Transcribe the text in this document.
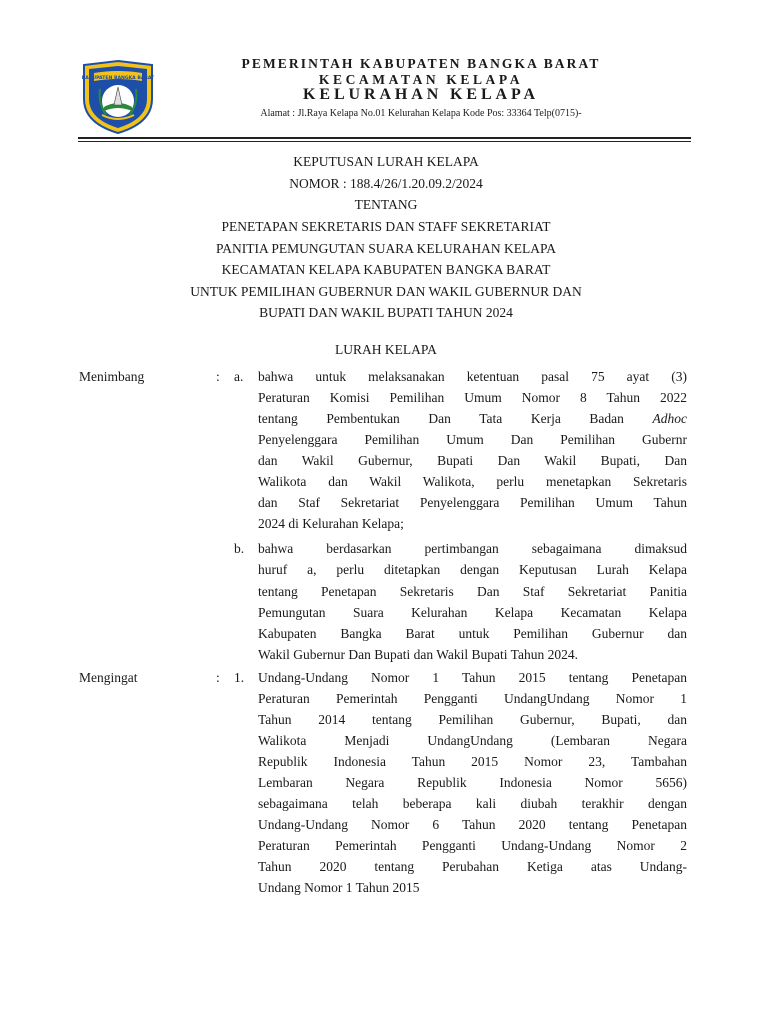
KABUPATEN BANGKA BARAT
PEMERINTAH KABUPATEN BANGKA BARAT
KECAMATAN KELAPA
KELURAHAN KELAPA
Alamat : Jl.Raya Kelapa No.01 Kelurahan Kelapa Kode Pos: 33364 Telp(0715)-
KEPUTUSAN LURAH KELAPA
NOMOR : 188.4/26/1.20.09.2/2024
TENTANG
PENETAPAN SEKRETARIS DAN STAFF SEKRETARIAT
PANITIA PEMUNGUTAN SUARA KELURAHAN KELAPA
KECAMATAN KELAPA KABUPATEN BANGKA BARAT
UNTUK PEMILIHAN GUBERNUR DAN WAKIL GUBERNUR DAN
BUPATI DAN WAKIL BUPATI TAHUN 2024
LURAH KELAPA
Menimbang	: a. bahwa untuk melaksanakan ketentuan pasal 75 ayat (3)
Peraturan Komisi Pemilihan Umum Nomor 8 Tahun 2022
tentang Pembentukan Dan Tata Kerja Badan Adhoc
Penyelenggara Pemilihan Umum Dan Pemilihan Gubernr
dan Wakil Gubernur, Bupati Dan Wakil Bupati, Dan
Walikota dan Wakil Walikota, perlu menetapkan Sekretaris
dan Staf Sekretariat Penyelenggara Pemilihan Umum Tahun
2024 di Kelurahan Kelapa;
b. bahwa berdasarkan pertimbangan sebagaimana dimaksud
huruf a, perlu ditetapkan dengan Keputusan Lurah Kelapa
tentang Penetapan Sekretaris Dan Staf Sekretariat Panitia
Pemungutan Suara Kelurahan Kelapa Kecamatan Kelapa
Kabupaten Bangka Barat untuk Pemilihan Gubernur dan
Wakil Gubernur Dan Bupati dan Wakil Bupati Tahun 2024.
Mengingat	: 1. Undang-Undang Nomor 1 Tahun 2015 tentang Penetapan
Peraturan Pemerintah Pengganti UndangUndang Nomor 1
Tahun 2014 tentang Pemilihan Gubernur, Bupati, dan
Walikota Menjadi UndangUndang (Lembaran Negara
Republik Indonesia Tahun 2015 Nomor 23, Tambahan
Lembaran Negara Republik Indonesia Nomor 5656)
sebagaimana telah beberapa kali diubah terakhir dengan
Undang-Undang Nomor 6 Tahun 2020 tentang Penetapan
Peraturan Pemerintah Pengganti Undang-Undang Nomor 2
Tahun 2020 tentang Perubahan Ketiga atas Undang-
Undang Nomor 1 Tahun 2015
